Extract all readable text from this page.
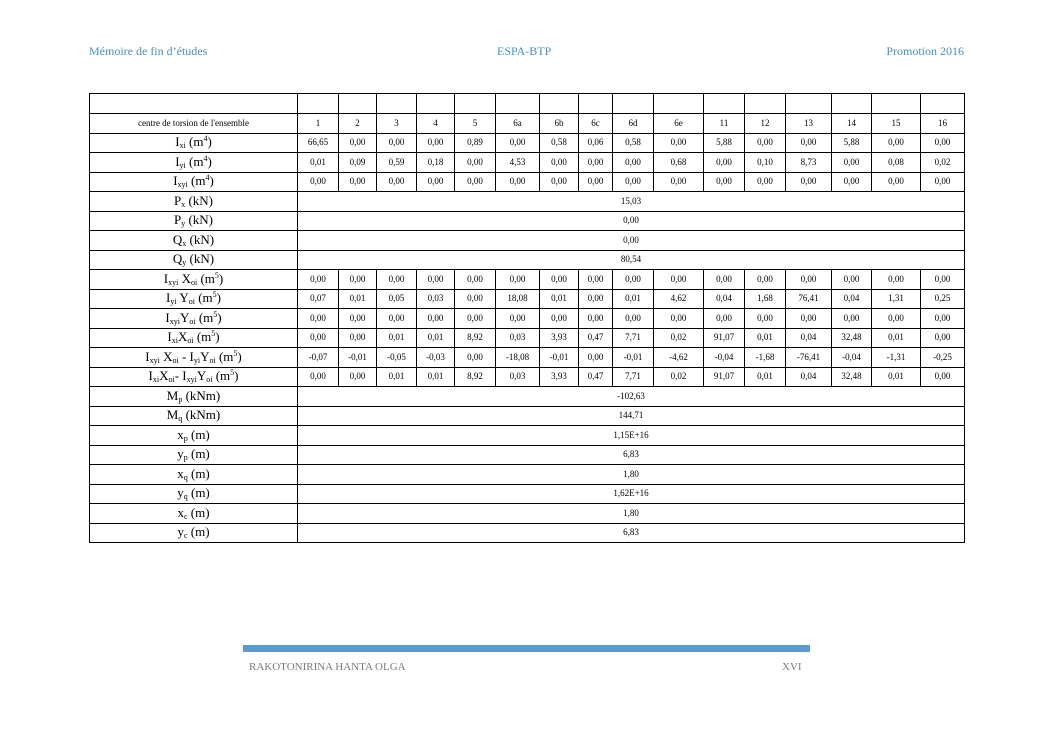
Mémoire de fin d’études	ESPA-BTP	Promotion 2016

centre de torsion de l'ensemble	1	2	3	4	5	6a	6b	6c	6d	6e	11	12	13	14	15	16
$I_{xi}$ $(m^4)$	66,65	0,00	0,00	0,00	0,89	0,00	0,58	0,06	0,58	0,00	5,88	0,00	0,00	5,88	0,00	0,00
$I_{yi}$ $(m^4)$	0,01	0,09	0,59	0,18	0,00	4,53	0,00	0,00	0,00	0,68	0,00	0,10	8,73	0,00	0,08	0,02
$I_{xyi}$ $(m^4)$	0,00	0,00	0,00	0,00	0,00	0,00	0,00	0,00	0,00	0,00	0,00	0,00	0,00	0,00	0,00	0,00
$P_x$ (kN)	15,03															
$P_y$ (kN)	0,00															
$Q_x$ (kN)	0,00															
$Q_y$ (kN)	80,54															
$I_{xyi}$ $X_{oi}$ $(m^5)$	0,00	0,00	0,00	0,00	0,00	0,00	0,00	0,00	0,00	0,00	0,00	0,00	0,00	0,00	0,00	0,00
$I_{yi}$ $Y_{oi}$ $(m^5)$	0,07	0,01	0,05	0,03	0,00	18,08	0,01	0,00	0,01	4,62	0,04	1,68	76,41	0,04	1,31	0,25
$I_{xyi}Y_{oi}$ $(m^5)$	0,00	0,00	0,00	0,00	0,00	0,00	0,00	0,00	0,00	0,00	0,00	0,00	0,00	0,00	0,00	0,00
$I_{xi}X_{oi}$ $(m^5)$	0,00	0,00	0,01	0,01	8,92	0,03	3,93	0,47	7,71	0,02	91,07	0,01	0,04	32,48	0,01	0,00
$I_{xyi}$ $X_{oi} - I_{yi}Y_{oi}$ $(m^5)$	-0,07	-0,01	-0,05	-0,03	0,00	-18,08	-0,01	0,00	-0,01	-4,62	-0,04	-1,68	-76,41	-0,04	-1,31	-0,25
$I_{xi}X_{oi}-$ $I_{xyi}Y_{oi}$ $(m^5)$	0,00	0,00	0,01	0,01	8,92	0,03	3,93	0,47	7,71	0,02	91,07	0,01	0,04	32,48	0,01	0,00
$M_p$ (kNm)	-102,63															
$M_q$ (kNm)	144,71															
$x_p$ (m)	1,15E+16															
$y_p$ (m)	6,83															
$x_q$ (m)	1,80															
$y_q$ (m)	1,62E+16															
$x_c$ (m)	1,80															
$y_c$ (m)	6,83															
RAKOTONIRINA HANTA OLGA	XVI
